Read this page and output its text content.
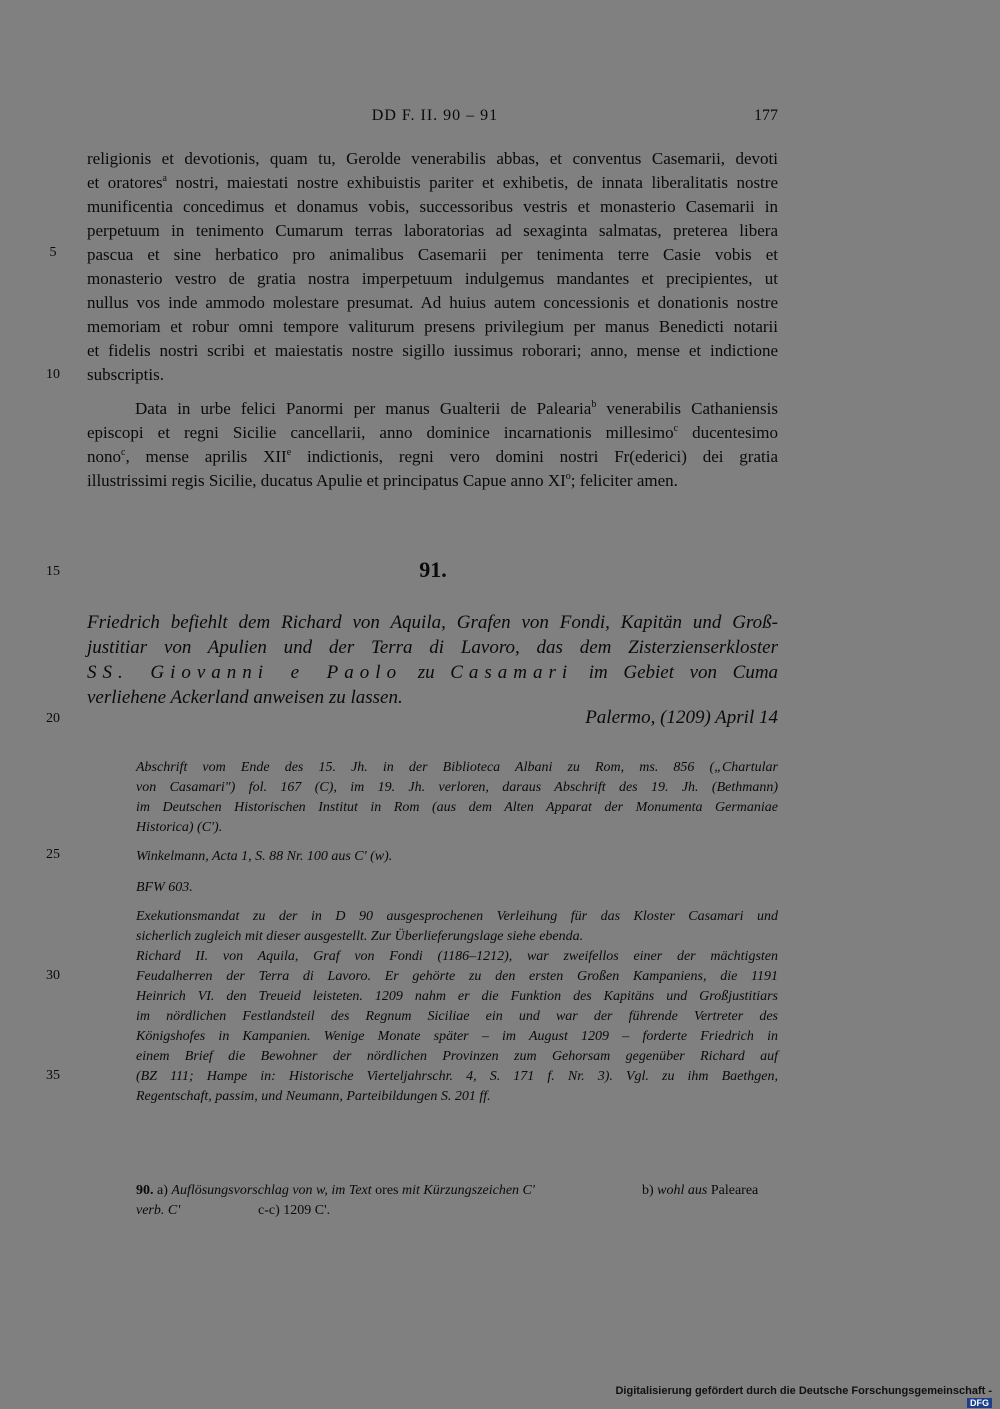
DD F. II. 90 – 91	177
5
10
15
20
25
30
35
religionis et devotionis, quam tu, Gerolde venerabilis abbas, et conventus Casemarii, devoti
et oratores$^a$ nostri, maiestati nostre exhibuistis pariter et exhibetis, de innata liberalitatis nostre
munificentia concedimus et donamus vobis, successoribus vestris et monasterio Casemarii in
perpetuum in tenimento Cumarum terras laboratorias ad sexaginta salmatas, preterea libera
pascua et sine herbatico pro animalibus Casemarii per tenimenta terre Casie vobis et
monasterio vestro de gratia nostra imperpetuum indulgemus mandantes et precipientes, ut
nullus vos inde ammodo molestare presumat. Ad huius autem concessionis et donationis nostre
memoriam et robur omni tempore valiturum presens privilegium per manus Benedicti notarii
et fidelis nostri scribi et maiestatis nostre sigillo iussimus roborari; anno, mense et indictione
subscriptis.
Data in urbe felici Panormi per manus Gualterii de Palearia$^b$ venerabilis Cathaniensis
episcopi et regni Sicilie cancellarii, anno dominice incarnationis millesimo$^c$ ducentesimo
nono$^c$, mense aprilis XIIe indictionis, regni vero domini nostri Fr(ederici) dei gratia
illustrissimi regis Sicilie, ducatus Apulie et principatus Capue anno $XI^o$; feliciter amen.
91.
Friedrich befiehlt dem Richard von Aquila, Grafen von Fondi, Kapitän und Groß-
justitiar von Apulien und der Terra di Lavoro, das dem Zisterzienserkloster
SS. Giovanni e Paolo zu Casamari im Gebiet von Cuma
verliehene Ackerland anweisen zu lassen.
Palermo, (1209) April 14
Abschrift vom Ende des 15. Jh. in der Biblioteca Albani zu Rom, ms. 856 („Chartular
von Casamari") fol. 167 (C), im 19. Jh. verloren, daraus Abschrift des 19. Jh. (Bethmann)
im Deutschen Historischen Institut in Rom (aus dem Alten Apparat der Monumenta Germaniae
Historica) (C').
Winkelmann, Acta 1, S. 88 Nr. 100 aus C' (w).
BFW 603.
Exekutionsmandat zu der in D 90 ausgesprochenen Verleihung für das Kloster Casamari und
sicherlich zugleich mit dieser ausgestellt. Zur Überlieferungslage siehe ebenda.
Richard II. von Aquila, Graf von Fondi (1186–1212), war zweifellos einer der mächtigsten
Feudalherren der Terra di Lavoro. Er gehörte zu den ersten Großen Kampaniens, die 1191
Heinrich VI. den Treueid leisteten. 1209 nahm er die Funktion des Kapitäns und Großjustitiars
im nördlichen Festlandsteil des Regnum Siciliae ein und war der führende Vertreter des
Königshofes in Kampanien. Wenige Monate später – im August 1209 – forderte Friedrich in
einem Brief die Bewohner der nördlichen Provinzen zum Gehorsam gegenüber Richard auf
(BZ 111; Hampe in: Historische Vierteljahrschr. 4, S. 171 f. Nr. 3). Vgl. zu ihm Baethgen,
Regentschaft, passim, und Neumann, Parteibildungen S. 201 ff.
90. a) Auflösungsvorschlag von w, im Text ores mit Kürzungszeichen C'	b) wohl aus Palearea
verb. C'	c-c) 1209 C'.
Digitalisierung gefördert durch die Deutsche Forschungsgemeinschaft -DFG
